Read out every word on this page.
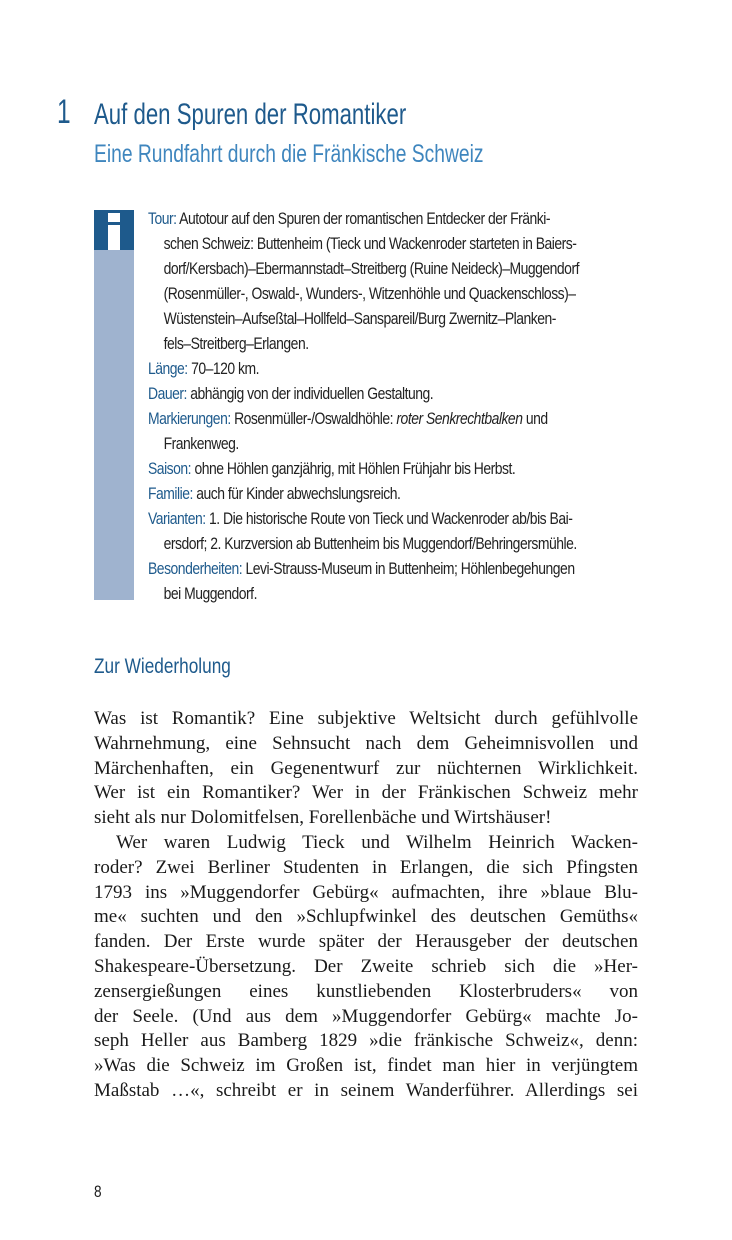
1 Auf den Spuren der Romantiker
Eine Rundfahrt durch die Fränkische Schweiz
Tour: Autotour auf den Spuren der romantischen Entdecker der Fränki-
schen Schweiz: Buttenheim (Tieck und Wackenroder starteten in Baiers-
dorf/Kersbach)–Ebermannstadt–Streitberg (Ruine Neideck)–Muggendorf
(Rosenmüller-, Oswald-, Wunders-, Witzenhöhle und Quackenschloss)–
Wüstenstein–Aufseßtal–Hollfeld–Sanspareil/Burg Zwernitz–Planken-
fels–Streitberg–Erlangen.
Länge: 70–120 km.
Dauer: abhängig von der individuellen Gestaltung.
Markierungen: Rosenmüller-/Oswaldhöhle: roter Senkrechtbalken und
Frankenweg.
Saison: ohne Höhlen ganzjährig, mit Höhlen Frühjahr bis Herbst.
Familie: auch für Kinder abwechslungsreich.
Varianten: 1. Die historische Route von Tieck und Wackenroder ab/bis Bai-
ersdorf; 2. Kurzversion ab Buttenheim bis Muggendorf/Behringersmühle.
Besonderheiten: Levi-Strauss-Museum in Buttenheim; Höhlenbegehungen
bei Muggendorf.
Zur Wiederholung
Was ist Romantik? Eine subjektive Weltsicht durch gefühlvolle
Wahrnehmung, eine Sehnsucht nach dem Geheimnisvollen und
Märchenhaften, ein Gegenentwurf zur nüchternen Wirklichkeit.
Wer ist ein Romantiker? Wer in der Fränkischen Schweiz mehr
sieht als nur Dolomitfelsen, Forellenbäche und Wirtshäuser!
Wer waren Ludwig Tieck und Wilhelm Heinrich Wacken-
roder? Zwei Berliner Studenten in Erlangen, die sich Pfingsten
1793 ins »Muggendorfer Gebürg« aufmachten, ihre »blaue Blu-
me« suchten und den »Schlupfwinkel des deutschen Gemüths«
fanden. Der Erste wurde später der Herausgeber der deutschen
Shakespeare-Übersetzung. Der Zweite schrieb sich die »Her-
zensergießungen eines kunstliebenden Klosterbruders« von
der Seele. (Und aus dem »Muggendorfer Gebürg« machte Jo-
seph Heller aus Bamberg 1829 »die fränkische Schweiz«, denn:
»Was die Schweiz im Großen ist, findet man hier in verjüngtem
Maßstab …«, schreibt er in seinem Wanderführer. Allerdings sei
8
